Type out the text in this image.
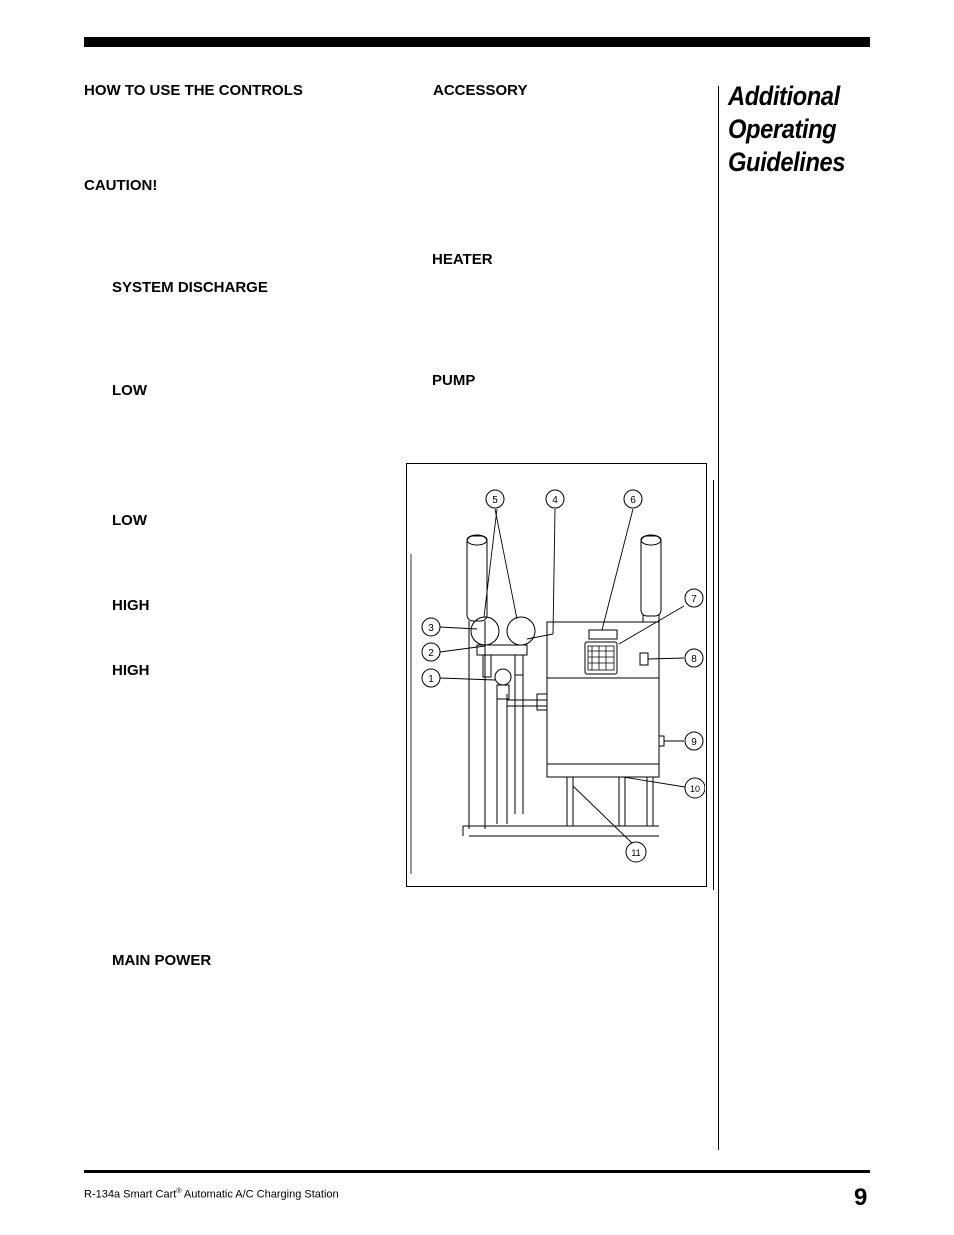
HOW TO USE THE CONTROLS
CAUTION!
SYSTEM DISCHARGE
LOW
LOW
HIGH
HIGH
MAIN POWER
ACCESSORY
HEATER
PUMP
Additional
Operating
Guidelines
1
2
3
4
5	6
7
8
9
10
11
R-134a Smart Cart® Automatic A/C Charging Station	9
